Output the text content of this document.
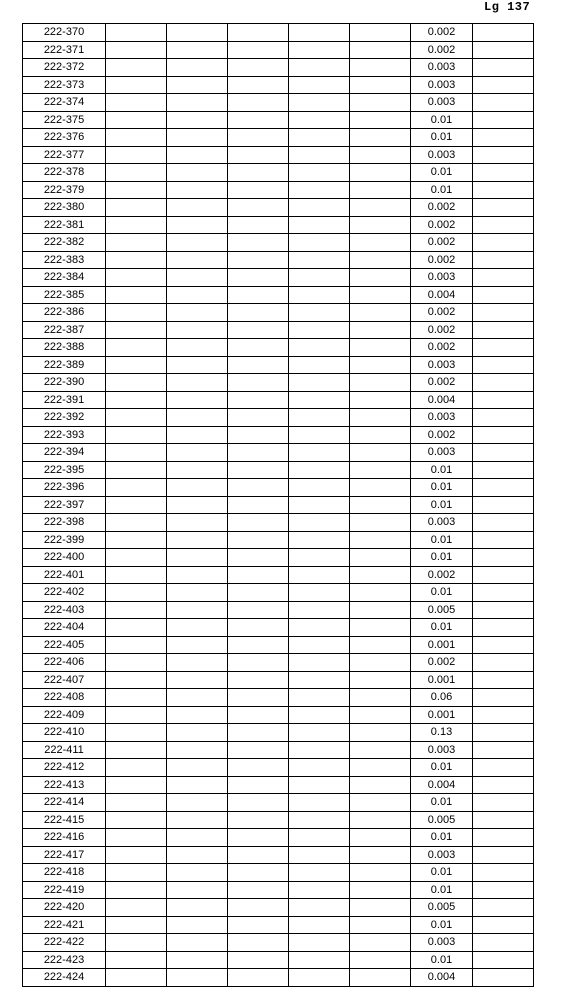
Lg 137
222-370						0.002	
222-371						0.002	
222-372						0.003	
222-373						0.003	
222-374						0.003	
222-375						0.01	
222-376						0.01	
222-377						0.003	
222-378						0.01	
222-379						0.01	
222-380						0.002	
222-381						0.002	
222-382						0.002	
222-383						0.002	
222-384						0.003	
222-385						0.004	
222-386						0.002	
222-387						0.002	
222-388						0.002	
222-389						0.003	
222-390						0.002	
222-391						0.004	
222-392						0.003	
222-393						0.002	
222-394						0.003	
222-395						0.01	
222-396						0.01	
222-397						0.01	
222-398						0.003	
222-399						0.01	
222-400						0.01	
222-401						0.002	
222-402						0.01	
222-403						0.005	
222-404						0.01	
222-405						0.001	
222-406						0.002	
222-407						0.001	
222-408						0.06	
222-409						0.001	
222-410						0.13	
222-411						0.003	
222-412						0.01	
222-413						0.004	
222-414						0.01	
222-415						0.005	
222-416						0.01	
222-417						0.003	
222-418						0.01	
222-419						0.01	
222-420						0.005	
222-421						0.01	
222-422						0.003	
222-423						0.01	
222-424						0.004	
